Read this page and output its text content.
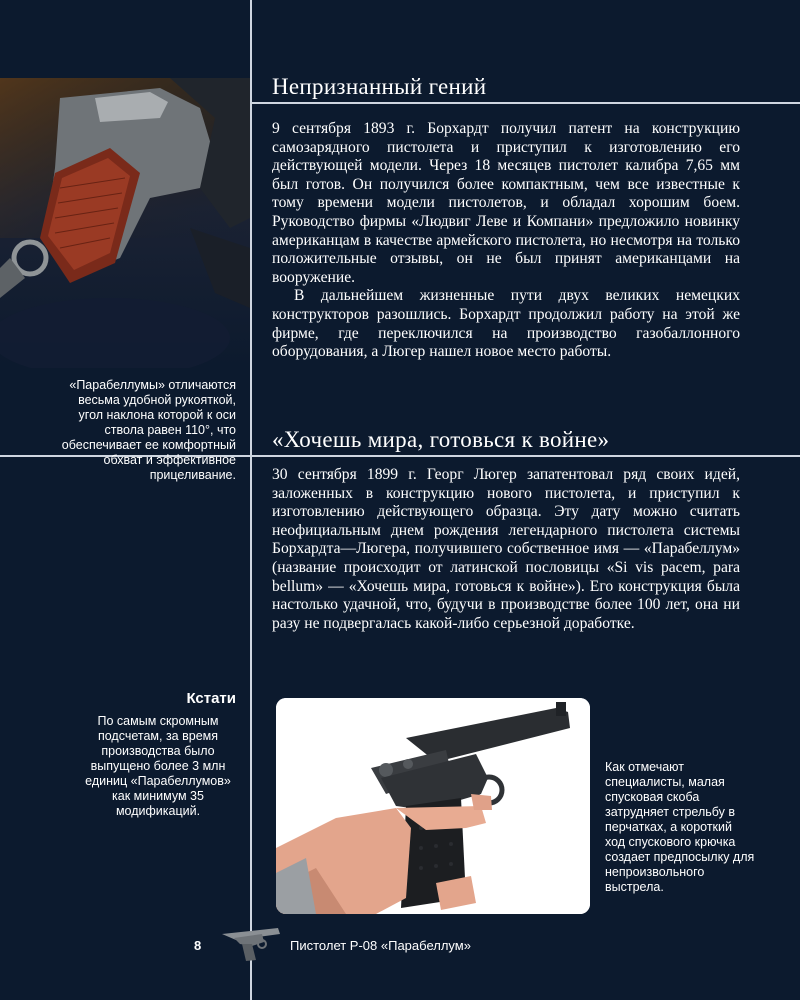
Непризнанный гений

9 сентября 1893 г. Борхардт получил патент на конструкцию самозарядного пистолета и приступил к изготовлению его действующей модели. Через 18 месяцев пистолет калибра 7,65 мм был готов. Он получился более компактным, чем все известные к тому времени модели пистолетов, и обладал хорошим боем. Руководство фирмы «Людвиг Леве и Компани» предложило новинку американцам в качестве армейского пистолета, но несмотря на только положительные отзывы, он не был принят американцами на вооружение.

В дальнейшем жизненные пути двух великих немецких конструкторов разошлись. Борхардт продолжил работу на этой же фирме, где переключился на производство газобаллонного оборудования, а Люгер нашел новое место работы.

«Парабеллумы» отличаются весьма удобной рукояткой, угол наклона которой к оси ствола равен 110°, что обеспечивает ее комфортный обхват и эффективное прицеливание.
«Хочешь мира, готовься к войне»

30 сентября 1899 г. Георг Люгер запатентовал ряд своих идей, заложенных в конструкцию нового пистолета, и приступил к изготовлению действующего образца. Эту дату можно считать неофициальным днем рождения легендарного пистолета системы Борхардта—Люгера, получившего собственное имя — «Парабеллум» (название происходит от латинской пословицы «Si vis pacem, para bellum» — «Хочешь мира, готовься к войне»). Его конструкция была настолько удачной, что, будучи в производстве более 100 лет, она ни разу не подвергалась какой-либо серьезной доработке.

Кстати
По самым скромным подсчетам, за время производства было выпущено более 3 млн единиц «Парабеллумов» как минимум 35 модификаций.
Как отмечают специалисты, малая спусковая скоба затрудняет стрельбу в перчатках, а короткий ход спускового крючка создает предпосылку для непроизвольного выстрела.
8	Пистолет Р-08 «Парабеллум»
